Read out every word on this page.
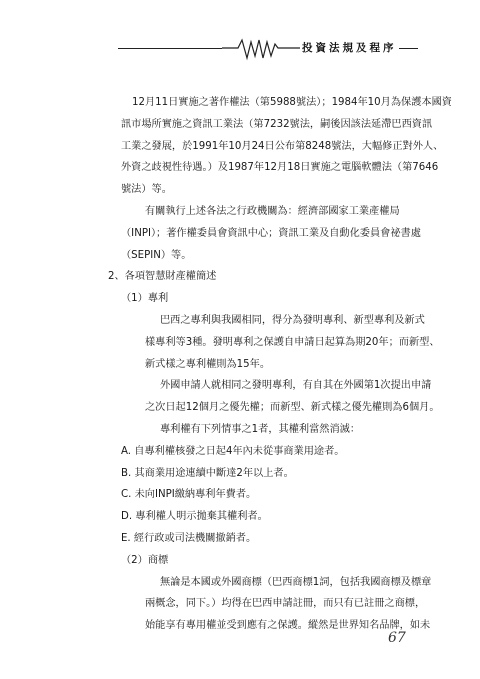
投資法規及程序
12月11日實施之著作權法（第5988號法）；1984年10月為保護本國資
訊市場所實施之資訊工業法（第7232號法，嗣後因該法延滯巴西資訊
工業之發展，於1991年10月24日公布第8248號法，大幅修正對外人、
外資之歧視性待遇。）及1987年12月18日實施之電腦軟體法（第7646
號法）等。
有關執行上述各法之行政機關為：經濟部國家工業產權局
（INPI）；著作權委員會資訊中心；資訊工業及自動化委員會祕書處
（SEPIN）等。
2、各項智慧財產權簡述
（1）專利
巴西之專利與我國相同，得分為發明專利、新型專利及新式
樣專利等3種。發明專利之保護自申請日起算為期20年；而新型、
新式樣之專利權則為15年。
外國申請人就相同之發明專利，有自其在外國第1次提出申請
之次日起12個月之優先權；而新型、新式樣之優先權則為6個月。
專利權有下列情事之1者，其權利當然消滅：
A. 自專利權核發之日起4年內未從事商業用途者。
B. 其商業用途連續中斷達2年以上者。
C. 未向INPI繳納專利年費者。
D. 專利權人明示拋棄其權利者。
E. 經行政或司法機關撤銷者。
（2）商標
無論是本國或外國商標（巴西商標1詞，包括我國商標及標章
兩概念，同下。）均得在巴西申請註冊，而只有已註冊之商標，
始能享有專用權並受到應有之保護。縱然是世界知名品牌，如未
67
